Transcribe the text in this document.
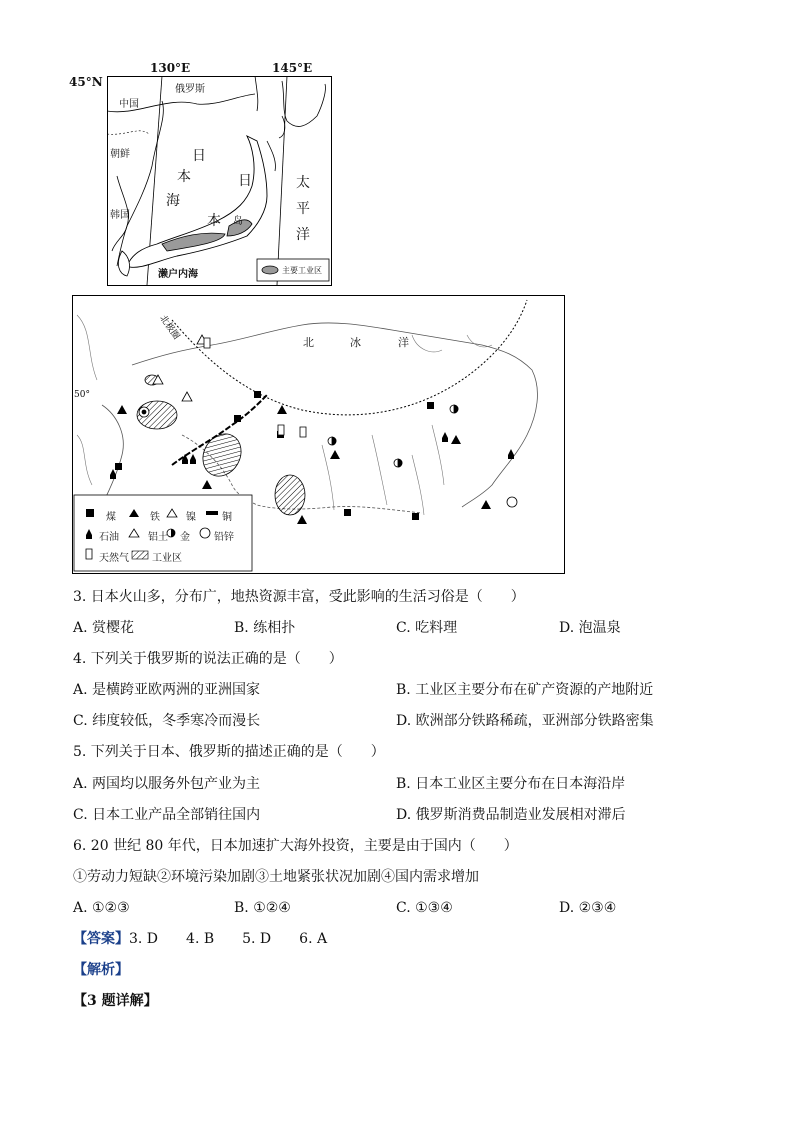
45°N
130°E	145°E
俄罗斯
中国
朝鲜
韩国
日
本
海
日
本 岛
太
平
洋
濑户内海	主要工业区
北极圈
北	冰	洋
50°
煤	铁	镍	铜
石油	铝土 金 铅锌
天然气 工业区
3. 日本火山多，分布广，地热资源丰富，受此影响的生活习俗是（　　）
A. 赏樱花	B. 练相扑	C. 吃料理	D. 泡温泉
4. 下列关于俄罗斯的说法正确的是（　　）
A. 是横跨亚欧两洲的亚洲国家	B. 工业区主要分布在矿产资源的产地附近
C. 纬度较低，冬季寒冷而漫长	D. 欧洲部分铁路稀疏，亚洲部分铁路密集
5. 下列关于日本、俄罗斯的描述正确的是（　　）
A. 两国均以服务外包产业为主	B. 日本工业区主要分布在日本海沿岸
C. 日本工业产品全部销往国内	D. 俄罗斯消费品制造业发展相对滞后
6. 20 世纪 80 年代，日本加速扩大海外投资，主要是由于国内（　　）
①劳动力短缺②环境污染加剧③土地紧张状况加剧④国内需求增加
A. ①②③	B. ①②④	C. ①③④	D. ②③④
【答案】3. D　　4. B　　5. D　　6. A
【解析】
【3 题详解】
